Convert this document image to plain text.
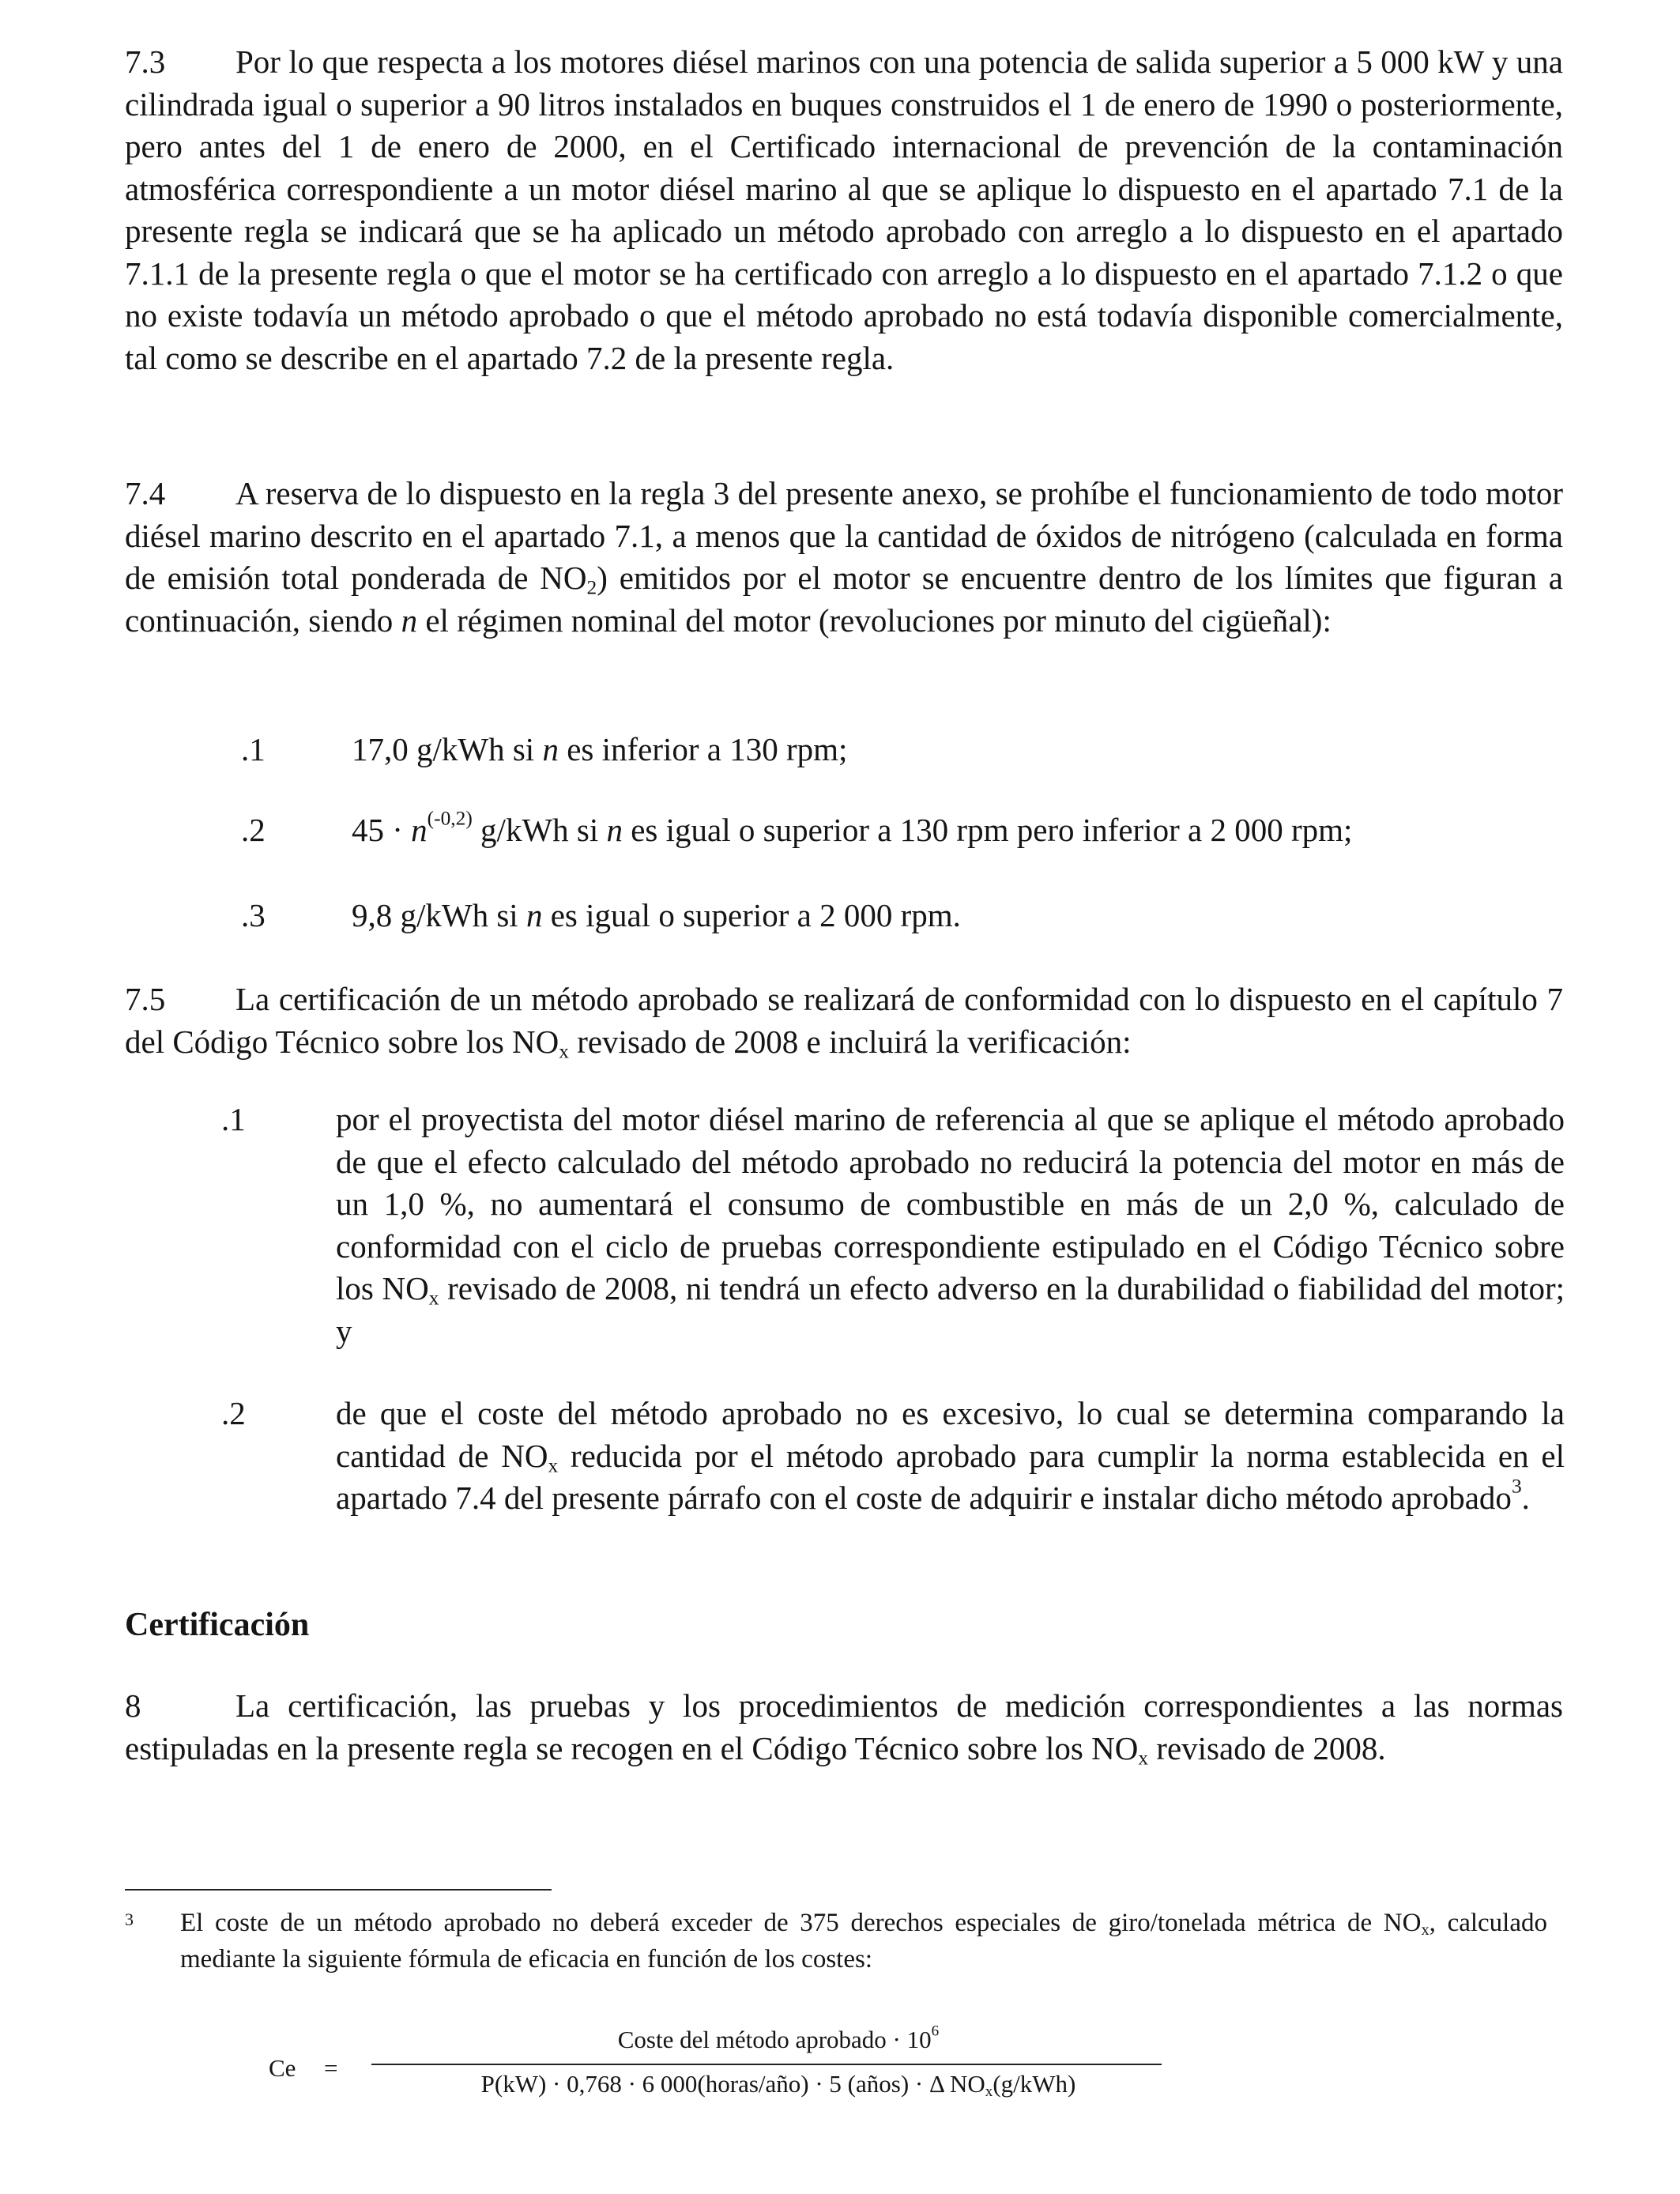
7.3 Por lo que respecta a los motores diésel marinos con una potencia de salida superior a 5 000 kW y una cilindrada igual o superior a 90 litros instalados en buques construidos el 1 de enero de 1990 o posteriormente, pero antes del 1 de enero de 2000, en el Certificado internacional de prevención de la contaminación atmosférica correspondiente a un motor diésel marino al que se aplique lo dispuesto en el apartado 7.1 de la presente regla se indicará que se ha aplicado un método aprobado con arreglo a lo dispuesto en el apartado 7.1.1 de la presente regla o que el motor se ha certificado con arreglo a lo dispuesto en el apartado 7.1.2 o que no existe todavía un método aprobado o que el método aprobado no está todavía disponible comercialmente, tal como se describe en el apartado 7.2 de la presente regla.

7.4 A reserva de lo dispuesto en la regla 3 del presente anexo, se prohíbe el funcionamiento de todo motor diésel marino descrito en el apartado 7.1, a menos que la cantidad de óxidos de nitrógeno (calculada en forma de emisión total ponderada de $NO_2$) emitidos por el motor se encuentre dentro de los límites que figuran a continuación, siendo n el régimen nominal del motor (revoluciones por minuto del cigüeñal):

.1	17,0 g/kWh si n es inferior a 130 rpm;
.2	$45 \cdot n^{(-0,2)}$ g/kWh si n es igual o superior a 130 rpm pero inferior a 2 000 rpm;
.3	9,8 g/kWh si n es igual o superior a 2 000 rpm.

7.5 La certificación de un método aprobado se realizará de conformidad con lo dispuesto en el capítulo 7 del Código Técnico sobre los $NO_x$ revisado de 2008 e incluirá la verificación:

.1	por el proyectista del motor diésel marino de referencia al que se aplique el método aprobado de que el efecto calculado del método aprobado no reducirá la potencia del motor en más de un 1,0 %, no aumentará el consumo de combustible en más de un 2,0 %, calculado de conformidad con el ciclo de pruebas correspondiente estipulado en el Código Técnico sobre los $NO_x$ revisado de 2008, ni tendrá un efecto adverso en la durabilidad o fiabilidad del motor; y
.2	de que el coste del método aprobado no es excesivo, lo cual se determina comparando la cantidad de $NO_x$ reducida por el método aprobado para cumplir la norma establecida en el apartado 7.4 del presente párrafo con el coste de adquirir e instalar dicho método aprobado$^3$.
Certificación

8	La certificación, las pruebas y los procedimientos de medición correspondientes a las normas estipuladas en la presente regla se recogen en el Código Técnico sobre los $NO_x$ revisado de 2008.

3 El coste de un método aprobado no deberá exceder de 375 derechos especiales de giro/tonelada métrica de $NO_x$, calculado mediante la siguiente fórmula de eficacia en función de los costes:
Ce =
Coste del método aprobado · $10^6$
P(kW) · 0,768 · 6 000(horas/año) · 5 (años) · Δ $NO_x(g/kWh)$
